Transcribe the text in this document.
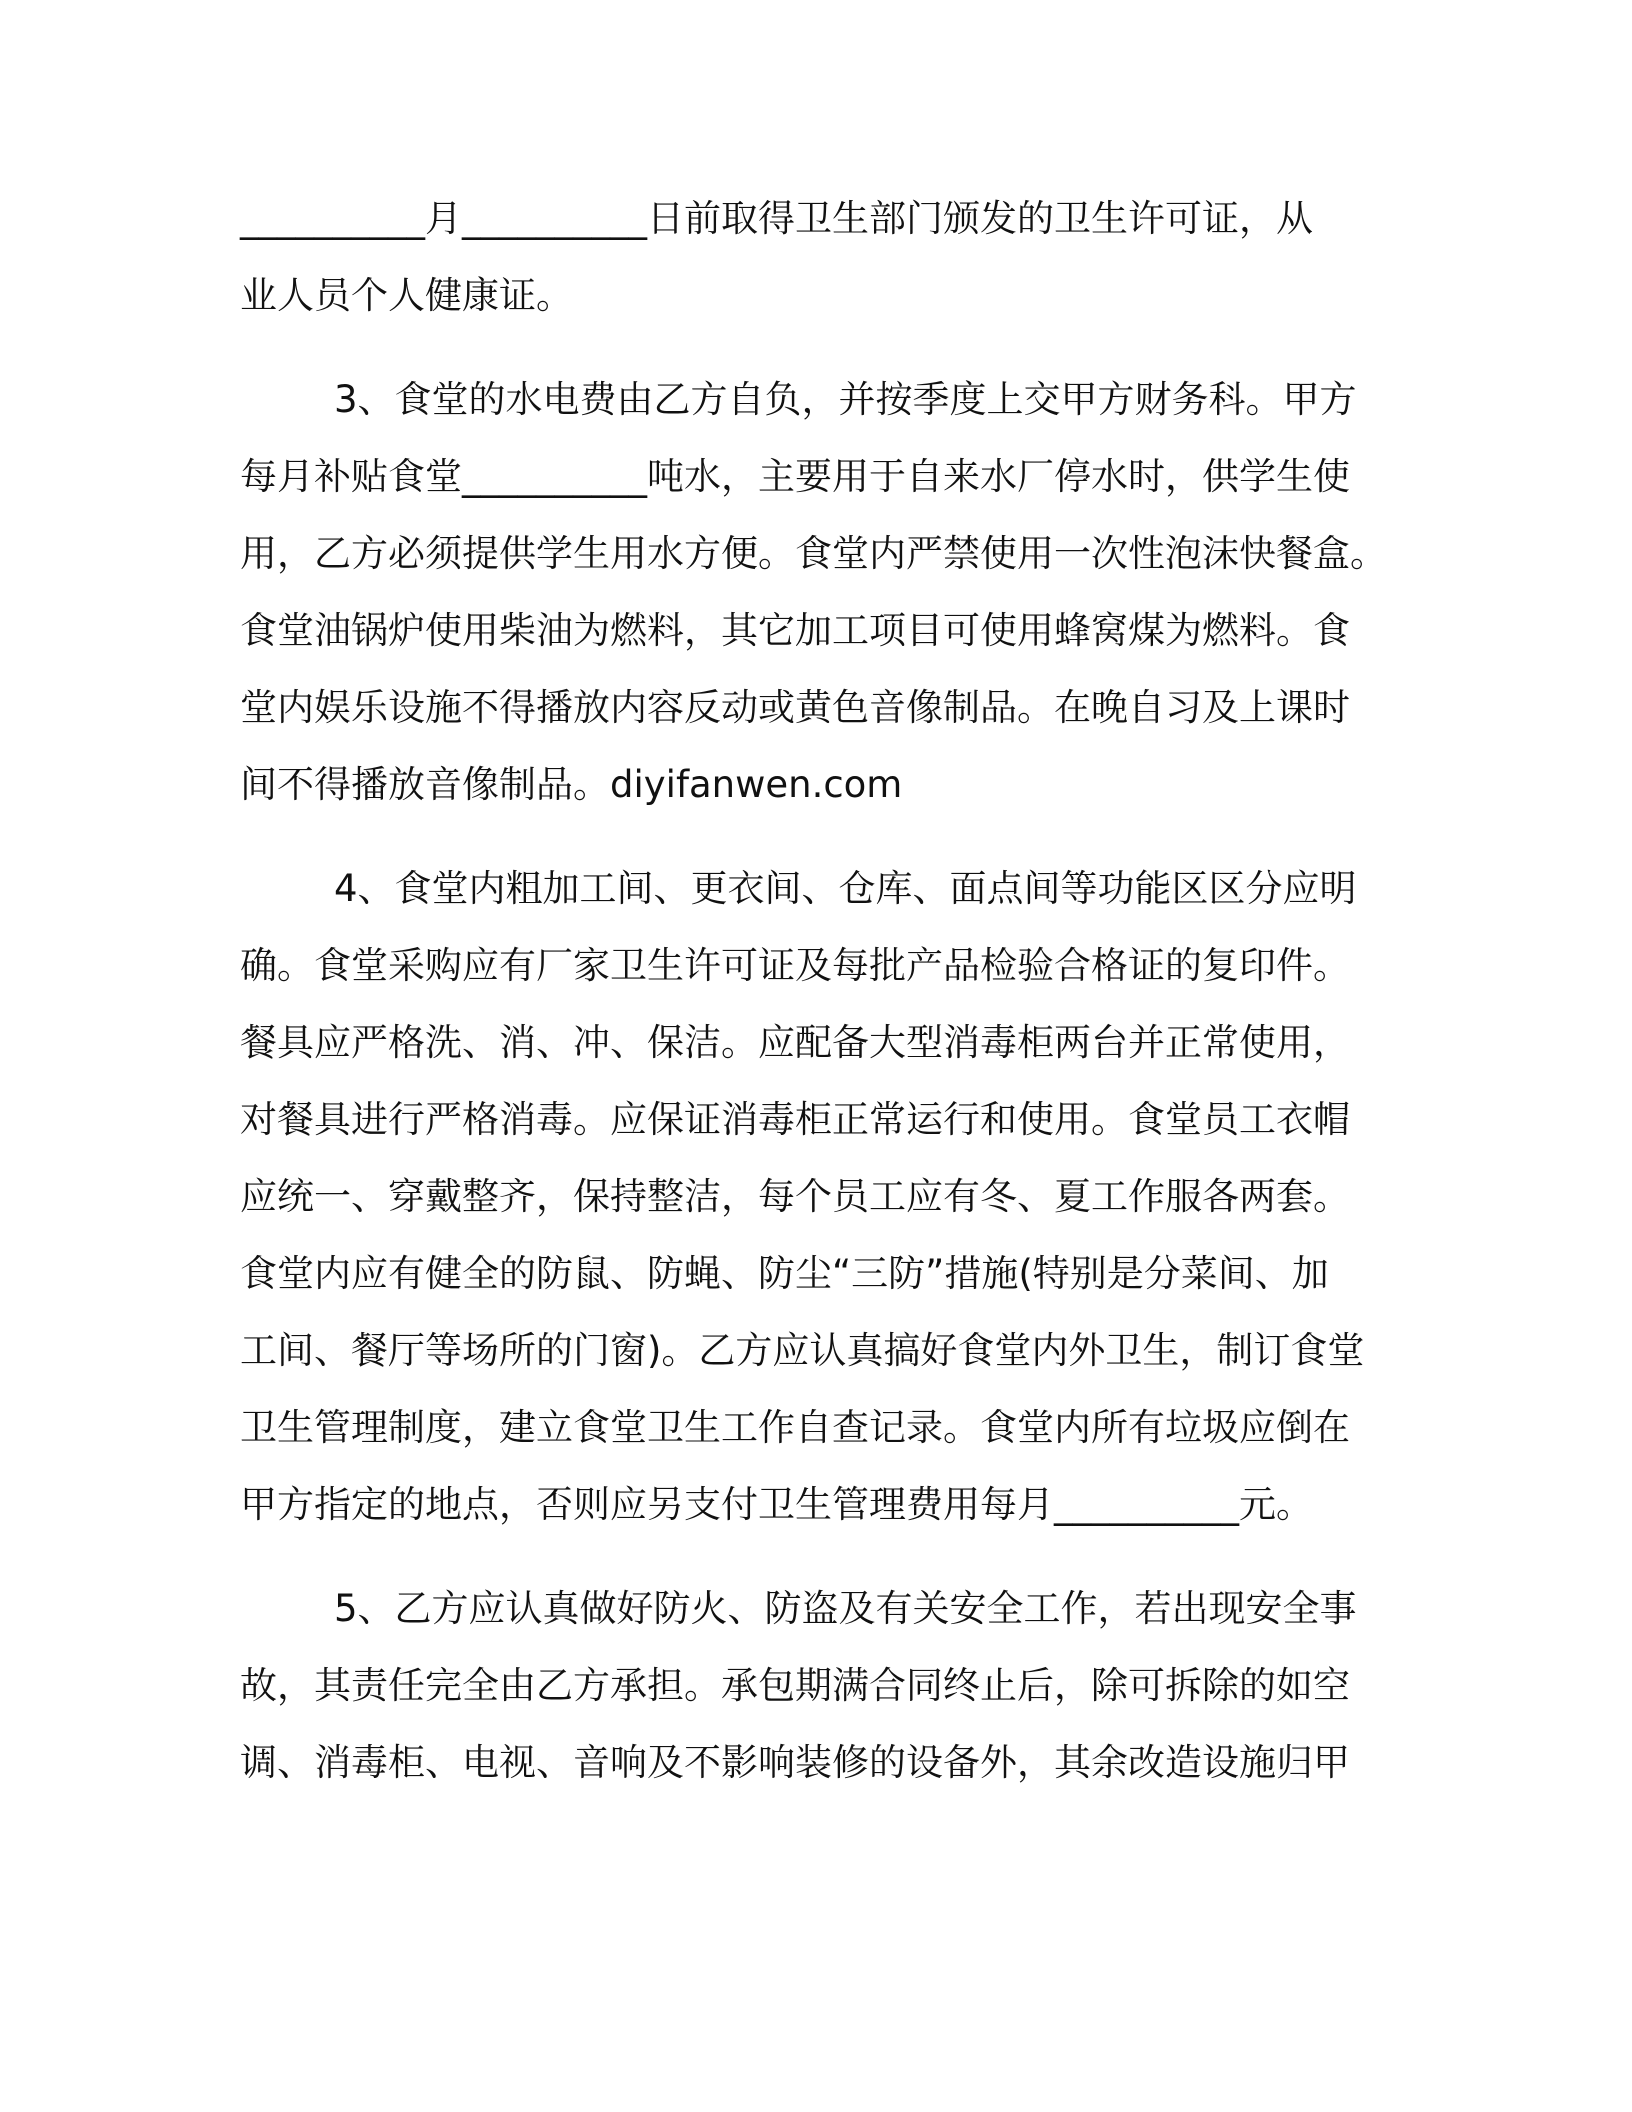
__________月__________日前取得卫生部门颁发的卫生许可证，从
业人员个人健康证。

3、食堂的水电费由乙方自负，并按季度上交甲方财务科。甲方
每月补贴食堂__________吨水，主要用于自来水厂停水时，供学生使
用，乙方必须提供学生用水方便。食堂内严禁使用一次性泡沫快餐盒。
食堂油锅炉使用柴油为燃料，其它加工项目可使用蜂窝煤为燃料。食
堂内娱乐设施不得播放内容反动或黄色音像制品。在晚自习及上课时
间不得播放音像制品。diyifanwen.com

4、食堂内粗加工间、更衣间、仓库、面点间等功能区区分应明
确。食堂采购应有厂家卫生许可证及每批产品检验合格证的复印件。
餐具应严格洗、消、冲、保洁。应配备大型消毒柜两台并正常使用，
对餐具进行严格消毒。应保证消毒柜正常运行和使用。食堂员工衣帽
应统一、穿戴整齐，保持整洁，每个员工应有冬、夏工作服各两套。
食堂内应有健全的防鼠、防蝇、防尘“三防”措施(特别是分菜间、加
工间、餐厅等场所的门窗)。乙方应认真搞好食堂内外卫生，制订食堂
卫生管理制度，建立食堂卫生工作自查记录。食堂内所有垃圾应倒在
甲方指定的地点，否则应另支付卫生管理费用每月__________元。

5、乙方应认真做好防火、防盗及有关安全工作，若出现安全事
故，其责任完全由乙方承担。承包期满合同终止后，除可拆除的如空
调、消毒柜、电视、音响及不影响装修的设备外，其余改造设施归甲
